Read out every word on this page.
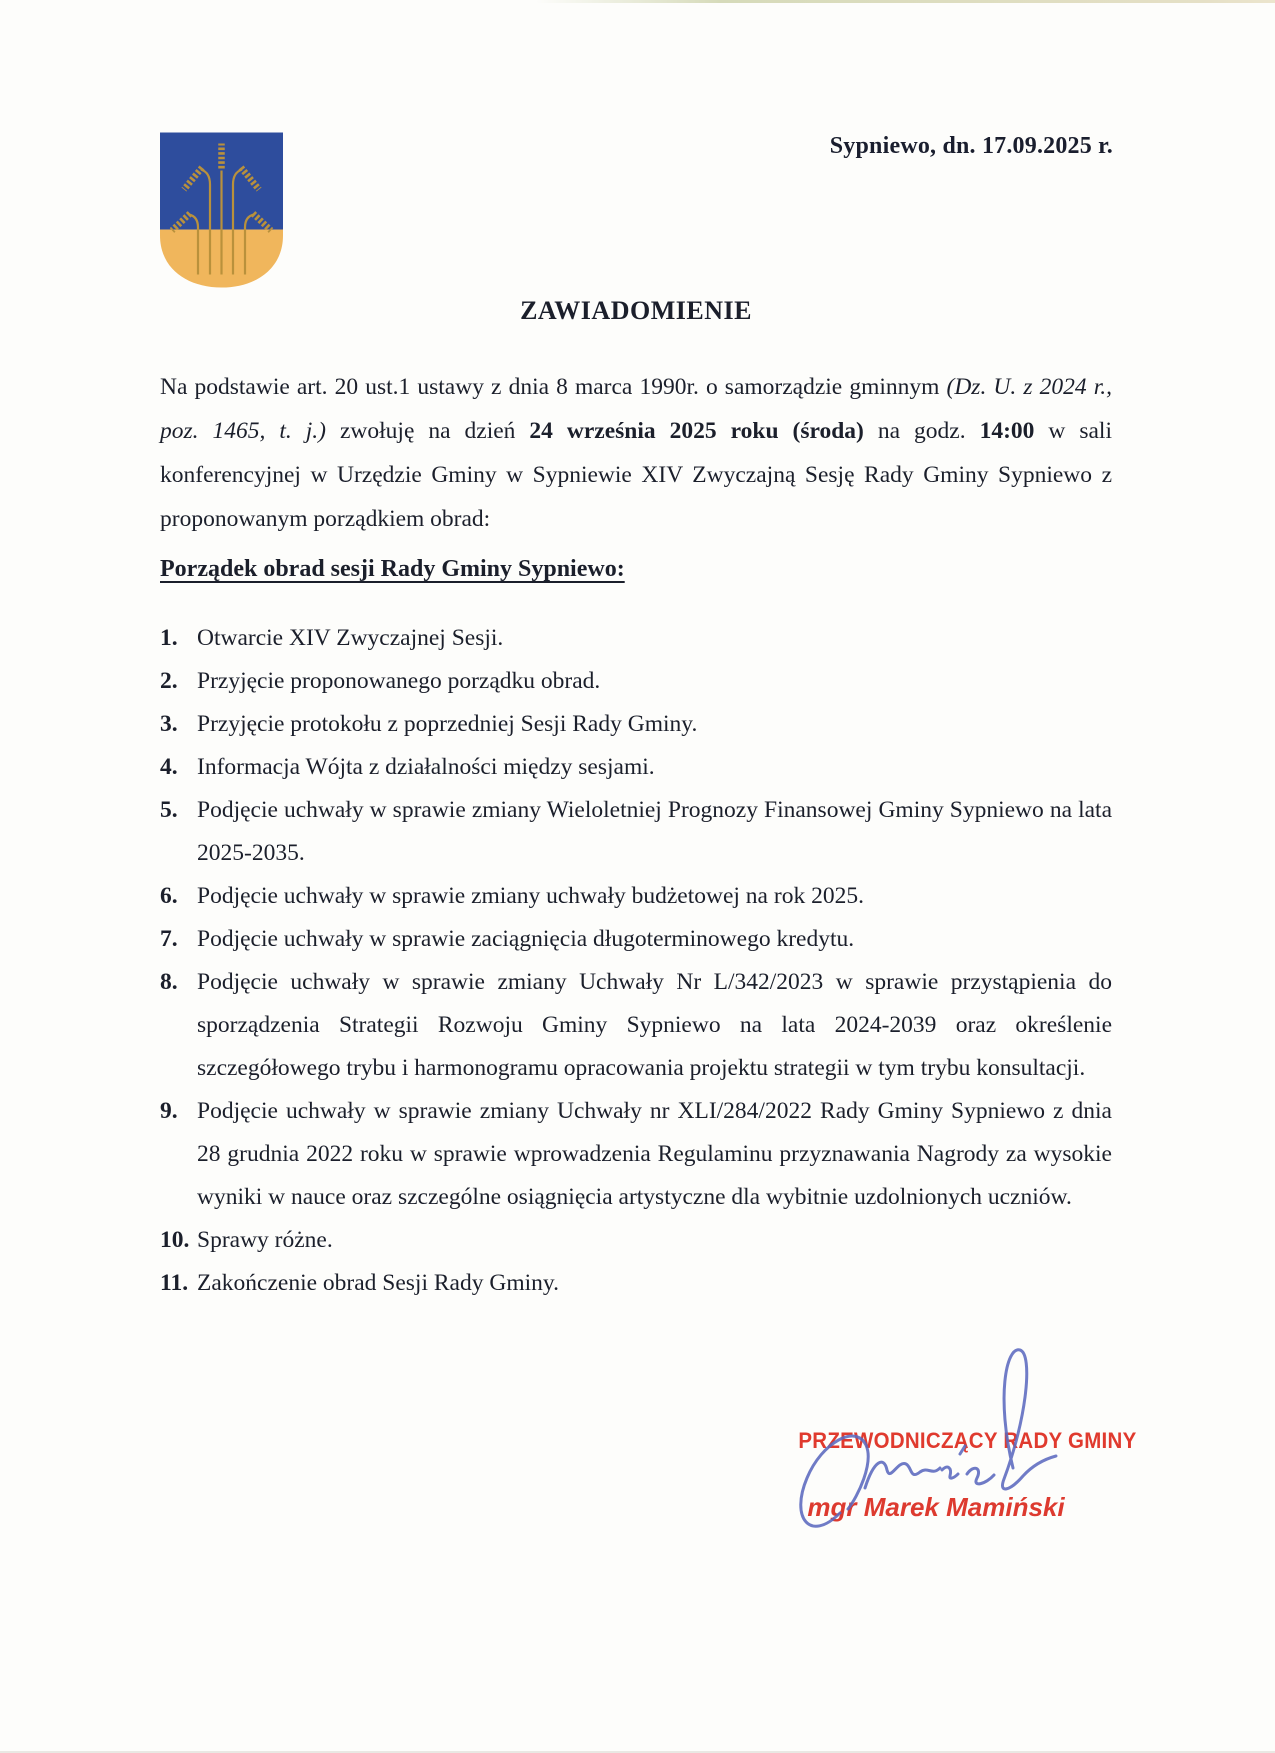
Sypniewo, dn. 17.09.2025 r.
ZAWIADOMIENIE

Na podstawie art. 20 ust.1 ustawy z dnia 8 marca 1990r. o samorządzie gminnym (Dz. U. z 2024 r., poz. 1465, t. j.) zwołuję na dzień 24 września 2025 roku (środa) na godz. 14:00 w sali konferencyjnej w Urzędzie Gminy w Sypniewie XIV Zwyczajną Sesję Rady Gminy Sypniewo z proponowanym porządkiem obrad:

Porządek obrad sesji Rady Gminy Sypniewo:
1. Otwarcie XIV Zwyczajnej Sesji.
2. Przyjęcie proponowanego porządku obrad.
3. Przyjęcie protokołu z poprzedniej Sesji Rady Gminy.
4. Informacja Wójta z działalności między sesjami.
5. Podjęcie uchwały w sprawie zmiany Wieloletniej Prognozy Finansowej Gminy Sypniewo na lata 2025-2035.
6. Podjęcie uchwały w sprawie zmiany uchwały budżetowej na rok 2025.
7. Podjęcie uchwały w sprawie zaciągnięcia długoterminowego kredytu.
8. Podjęcie uchwały w sprawie zmiany Uchwały Nr L/342/2023 w sprawie przystąpienia do sporządzenia Strategii Rozwoju Gminy Sypniewo na lata 2024-2039 oraz określenie szczegółowego trybu i harmonogramu opracowania projektu strategii w tym trybu konsultacji.
9. Podjęcie uchwały w sprawie zmiany Uchwały nr XLI/284/2022 Rady Gminy Sypniewo z dnia 28 grudnia 2022 roku w sprawie wprowadzenia Regulaminu przyznawania Nagrody za wysokie wyniki w nauce oraz szczególne osiągnięcia artystyczne dla wybitnie uzdolnionych uczniów.
10. Sprawy różne.
11. Zakończenie obrad Sesji Rady Gminy.
PRZEWODNICZĄCY RADY GMINY
mgr Marek Mamiński
